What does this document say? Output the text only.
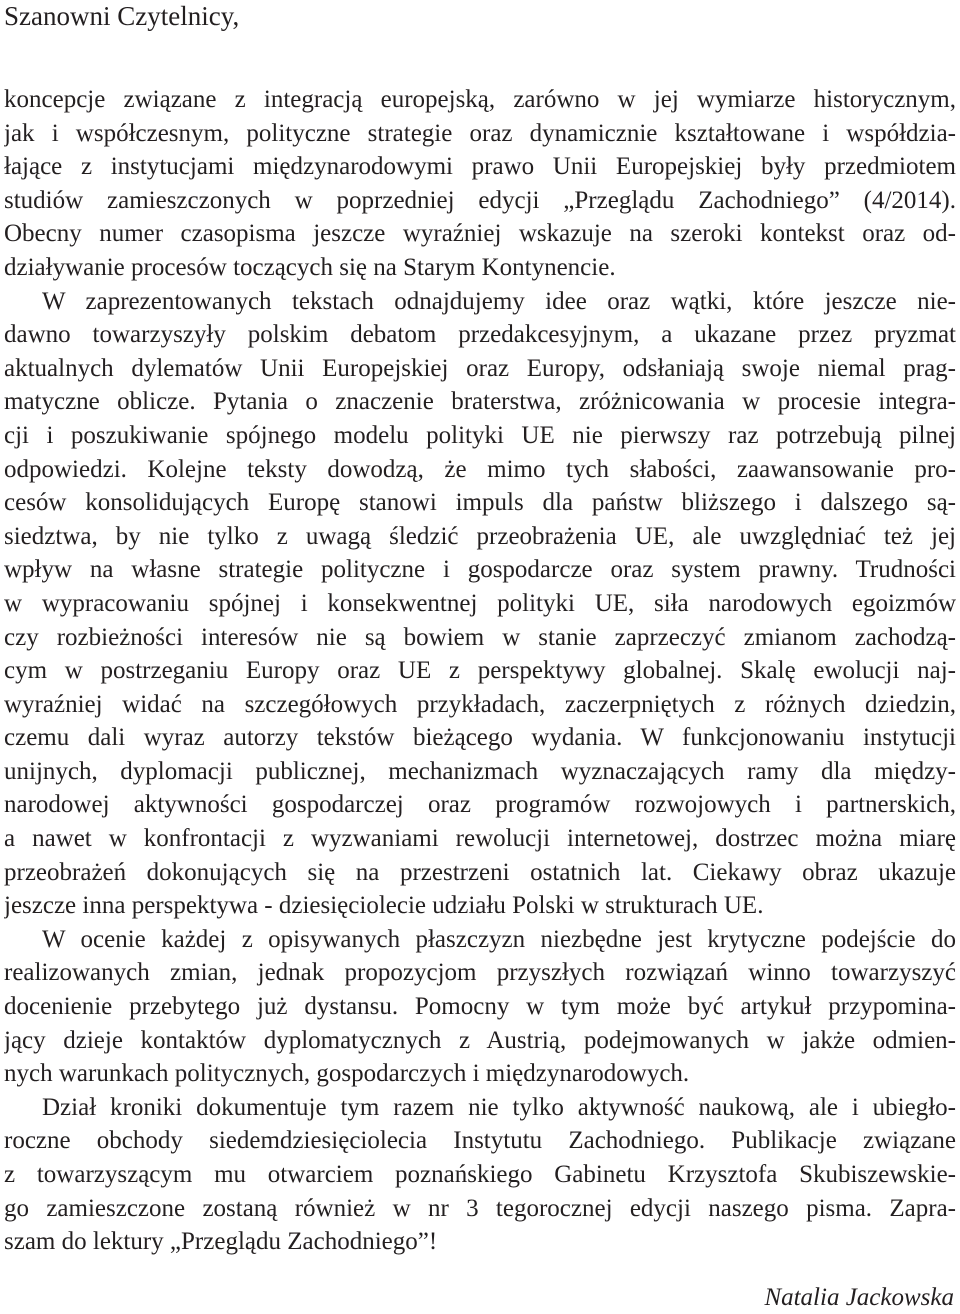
Szanowni Czytelnicy,
koncepcje związane z integracją europejską, zarówno w jej wymiarze historycznym,
jak i współczesnym, polityczne strategie oraz dynamicznie kształtowane i współdzia-
łające z instytucjami międzynarodowymi prawo Unii Europejskiej były przedmiotem
studiów zamieszczonych w poprzedniej edycji „Przeglądu Zachodniego” (4/2014).
Obecny numer czasopisma jeszcze wyraźniej wskazuje na szeroki kontekst oraz od-
działywanie procesów toczących się na Starym Kontynencie.
W zaprezentowanych tekstach odnajdujemy idee oraz wątki, które jeszcze nie-
dawno towarzyszyły polskim debatom przedakcesyjnym, a ukazane przez pryzmat
aktualnych dylematów Unii Europejskiej oraz Europy, odsłaniają swoje niemal prag-
matyczne oblicze. Pytania o znaczenie braterstwa, zróżnicowania w procesie integra-
cji i poszukiwanie spójnego modelu polityki UE nie pierwszy raz potrzebują pilnej
odpowiedzi. Kolejne teksty dowodzą, że mimo tych słabości, zaawansowanie pro-
cesów konsolidujących Europę stanowi impuls dla państw bliższego i dalszego są-
siedztwa, by nie tylko z uwagą śledzić przeobrażenia UE, ale uwzględniać też jej
wpływ na własne strategie polityczne i gospodarcze oraz system prawny. Trudności
w wypracowaniu spójnej i konsekwentnej polityki UE, siła narodowych egoizmów
czy rozbieżności interesów nie są bowiem w stanie zaprzeczyć zmianom zachodzą-
cym w postrzeganiu Europy oraz UE z perspektywy globalnej. Skalę ewolucji naj-
wyraźniej widać na szczegółowych przykładach, zaczerpniętych z różnych dziedzin,
czemu dali wyraz autorzy tekstów bieżącego wydania. W funkcjonowaniu instytucji
unijnych, dyplomacji publicznej, mechanizmach wyznaczających ramy dla między-
narodowej aktywności gospodarczej oraz programów rozwojowych i partnerskich,
a nawet w konfrontacji z wyzwaniami rewolucji internetowej, dostrzec można miarę
przeobrażeń dokonujących się na przestrzeni ostatnich lat. Ciekawy obraz ukazuje
jeszcze inna perspektywa - dziesięciolecie udziału Polski w strukturach UE.
W ocenie każdej z opisywanych płaszczyzn niezbędne jest krytyczne podejście do
realizowanych zmian, jednak propozycjom przyszłych rozwiązań winno towarzyszyć
docenienie przebytego już dystansu. Pomocny w tym może być artykuł przypomina-
jący dzieje kontaktów dyplomatycznych z Austrią, podejmowanych w jakże odmien-
nych warunkach politycznych, gospodarczych i międzynarodowych.
Dział kroniki dokumentuje tym razem nie tylko aktywność naukową, ale i ubiegło-
roczne obchody siedemdziesięciolecia Instytutu Zachodniego. Publikacje związane
z towarzyszącym mu otwarciem poznańskiego Gabinetu Krzysztofa Skubiszewskie-
go zamieszczone zostaną również w nr 3 tegorocznej edycji naszego pisma. Zapra-
szam do lektury „Przeglądu Zachodniego”!

Natalia Jackowska
